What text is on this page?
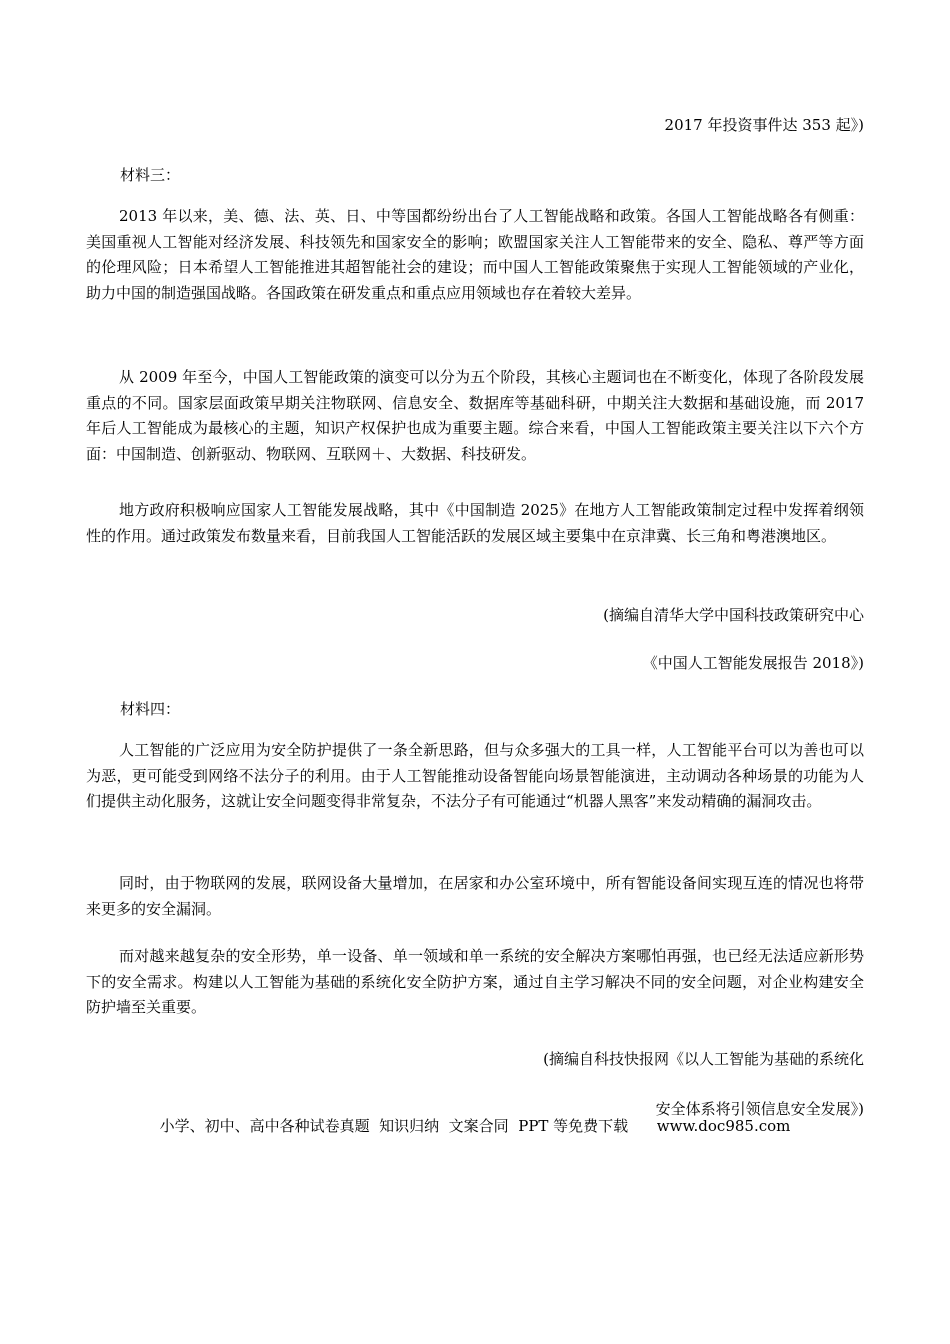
2017 年投资事件达 353 起》)
材料三：
2013 年以来，美、德、法、英、日、中等国都纷纷出台了人工智能战略和政策。各国人工智能战略各有侧重：美国重视人工智能对经济发展、科技领先和国家安全的影响；欧盟国家关注人工智能带来的安全、隐私、尊严等方面的伦理风险；日本希望人工智能推进其超智能社会的建设；而中国人工智能政策聚焦于实现人工智能领域的产业化，助力中国的制造强国战略。各国政策在研发重点和重点应用领域也存在着较大差异。
从 2009 年至今，中国人工智能政策的演变可以分为五个阶段，其核心主题词也在不断变化，体现了各阶段发展重点的不同。国家层面政策早期关注物联网、信息安全、数据库等基础科研，中期关注大数据和基础设施，而 2017 年后人工智能成为最核心的主题，知识产权保护也成为重要主题。综合来看，中国人工智能政策主要关注以下六个方面：中国制造、创新驱动、物联网、互联网＋、大数据、科技研发。
地方政府积极响应国家人工智能发展战略，其中《中国制造 2025》在地方人工智能政策制定过程中发挥着纲领性的作用。通过政策发布数量来看，目前我国人工智能活跃的发展区域主要集中在京津冀、长三角和粤港澳地区。
(摘编自清华大学中国科技政策研究中心
《中国人工智能发展报告 2018》)
材料四：
人工智能的广泛应用为安全防护提供了一条全新思路，但与众多强大的工具一样，人工智能平台可以为善也可以为恶，更可能受到网络不法分子的利用。由于人工智能推动设备智能向场景智能演进，主动调动各种场景的功能为人们提供主动化服务，这就让安全问题变得非常复杂，不法分子有可能通过“机器人黑客”来发动精确的漏洞攻击。
同时，由于物联网的发展，联网设备大量增加，在居家和办公室环境中，所有智能设备间实现互连的情况也将带来更多的安全漏洞。
而对越来越复杂的安全形势，单一设备、单一领域和单一系统的安全解决方案哪怕再强，也已经无法适应新形势下的安全需求。构建以人工智能为基础的系统化安全防护方案，通过自主学习解决不同的安全问题，对企业构建安全防护墙至关重要。
(摘编自科技快报网《以人工智能为基础的系统化
安全体系将引领信息安全发展》)
小学、初中、高中各种试卷真题  知识归纳  文案合同  PPT 等免费下载      www.doc985.com
